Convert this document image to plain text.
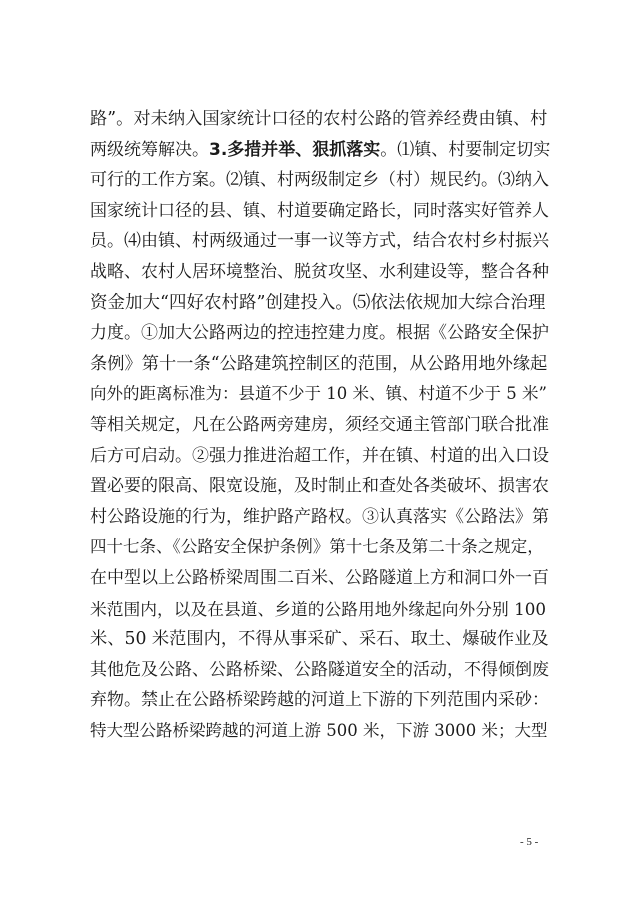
路”。对未纳入国家统计口径的农村公路的管养经费由镇、村
两级统筹解决。3.多措并举、狠抓落实。⑴镇、村要制定切实
可行的工作方案。⑵镇、村两级制定乡（村）规民约。⑶纳入
国家统计口径的县、镇、村道要确定路长，同时落实好管养人
员。⑷由镇、村两级通过一事一议等方式，结合农村乡村振兴
战略、农村人居环境整治、脱贫攻坚、水利建设等，整合各种
资金加大“四好农村路”创建投入。⑸依法依规加大综合治理
力度。①加大公路两边的控违控建力度。根据《公路安全保护
条例》第十一条“公路建筑控制区的范围，从公路用地外缘起
向外的距离标准为：县道不少于 10 米、镇、村道不少于 5 米”
等相关规定，凡在公路两旁建房，须经交通主管部门联合批准
后方可启动。②强力推进治超工作，并在镇、村道的出入口设
置必要的限高、限宽设施，及时制止和查处各类破坏、损害农
村公路设施的行为，维护路产路权。③认真落实《公路法》第
四十七条、《公路安全保护条例》第十七条及第二十条之规定，
在中型以上公路桥梁周围二百米、公路隧道上方和洞口外一百
米范围内，以及在县道、乡道的公路用地外缘起向外分别 100
米、50 米范围内，不得从事采矿、采石、取土、爆破作业及
其他危及公路、公路桥梁、公路隧道安全的活动，不得倾倒废
弃物。禁止在公路桥梁跨越的河道上下游的下列范围内采砂：
特大型公路桥梁跨越的河道上游 500 米，下游 3000 米；大型
- 5 -
